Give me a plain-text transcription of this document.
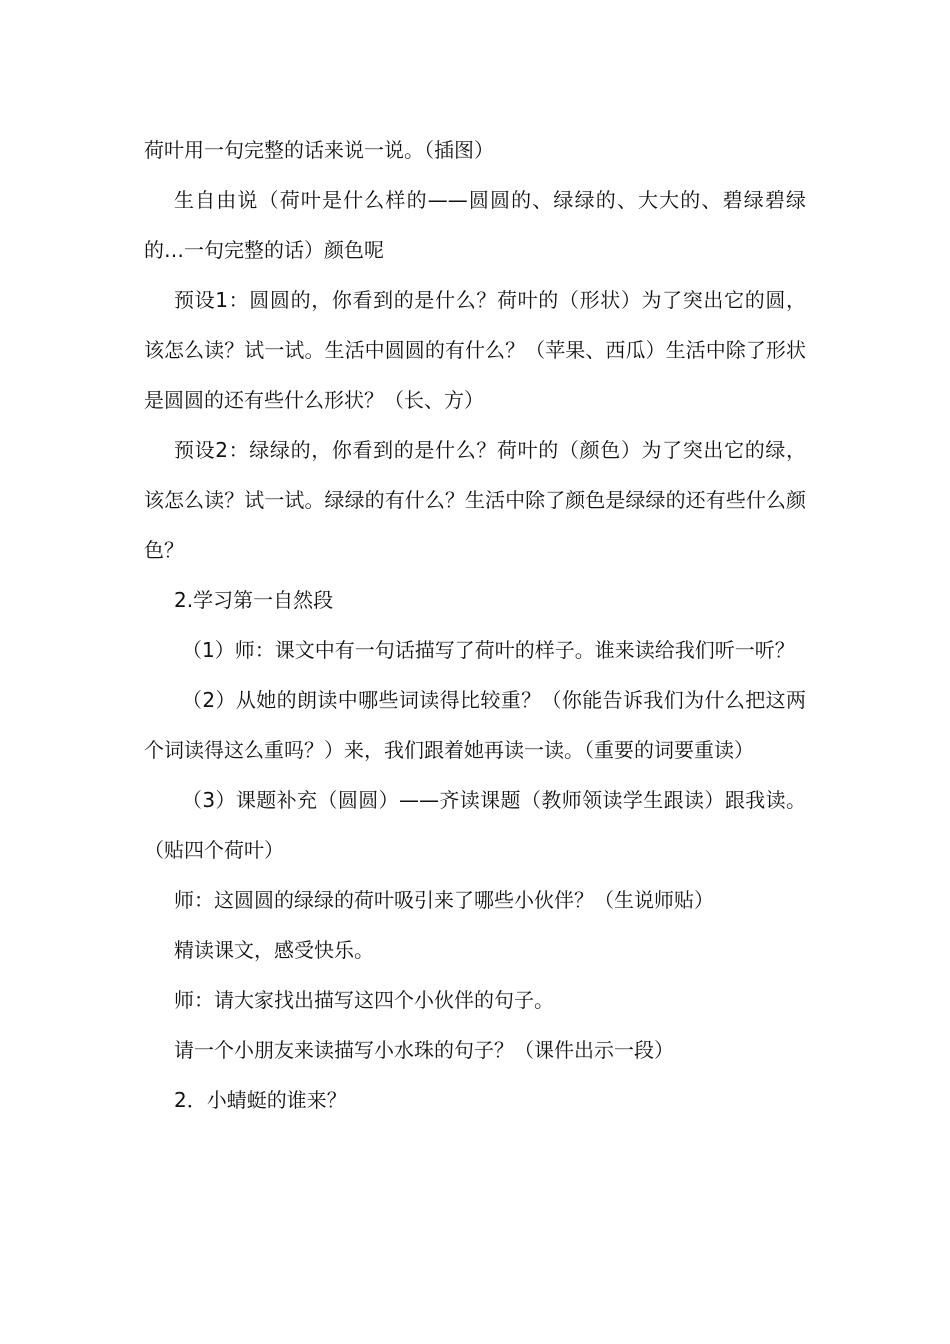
荷叶用一句完整的话来说一说。（插图）

生自由说（荷叶是什么样的——圆圆的、绿绿的、大大的、碧绿碧绿的…一句完整的话）颜色呢

预设1：圆圆的，你看到的是什么？荷叶的（形状）为了突出它的圆，该怎么读？试一试。生活中圆圆的有什么？（苹果、西瓜）生活中除了形状是圆圆的还有些什么形状？（长、方）

预设2：绿绿的，你看到的是什么？荷叶的（颜色）为了突出它的绿，该怎么读？试一试。绿绿的有什么？生活中除了颜色是绿绿的还有些什么颜色？

2.学习第一自然段

（1）师：课文中有一句话描写了荷叶的样子。谁来读给我们听一听？

（2）从她的朗读中哪些词读得比较重？（你能告诉我们为什么把这两个词读得这么重吗？）来，我们跟着她再读一读。（重要的词要重读）

（3）课题补充（圆圆）——齐读课题（教师领读学生跟读）跟我读。（贴四个荷叶）

师：这圆圆的绿绿的荷叶吸引来了哪些小伙伴？（生说师贴）

精读课文，感受快乐。

师：请大家找出描写这四个小伙伴的句子。

请一个小朋友来读描写小水珠的句子？（课件出示一段）

2．小蜻蜓的谁来？
